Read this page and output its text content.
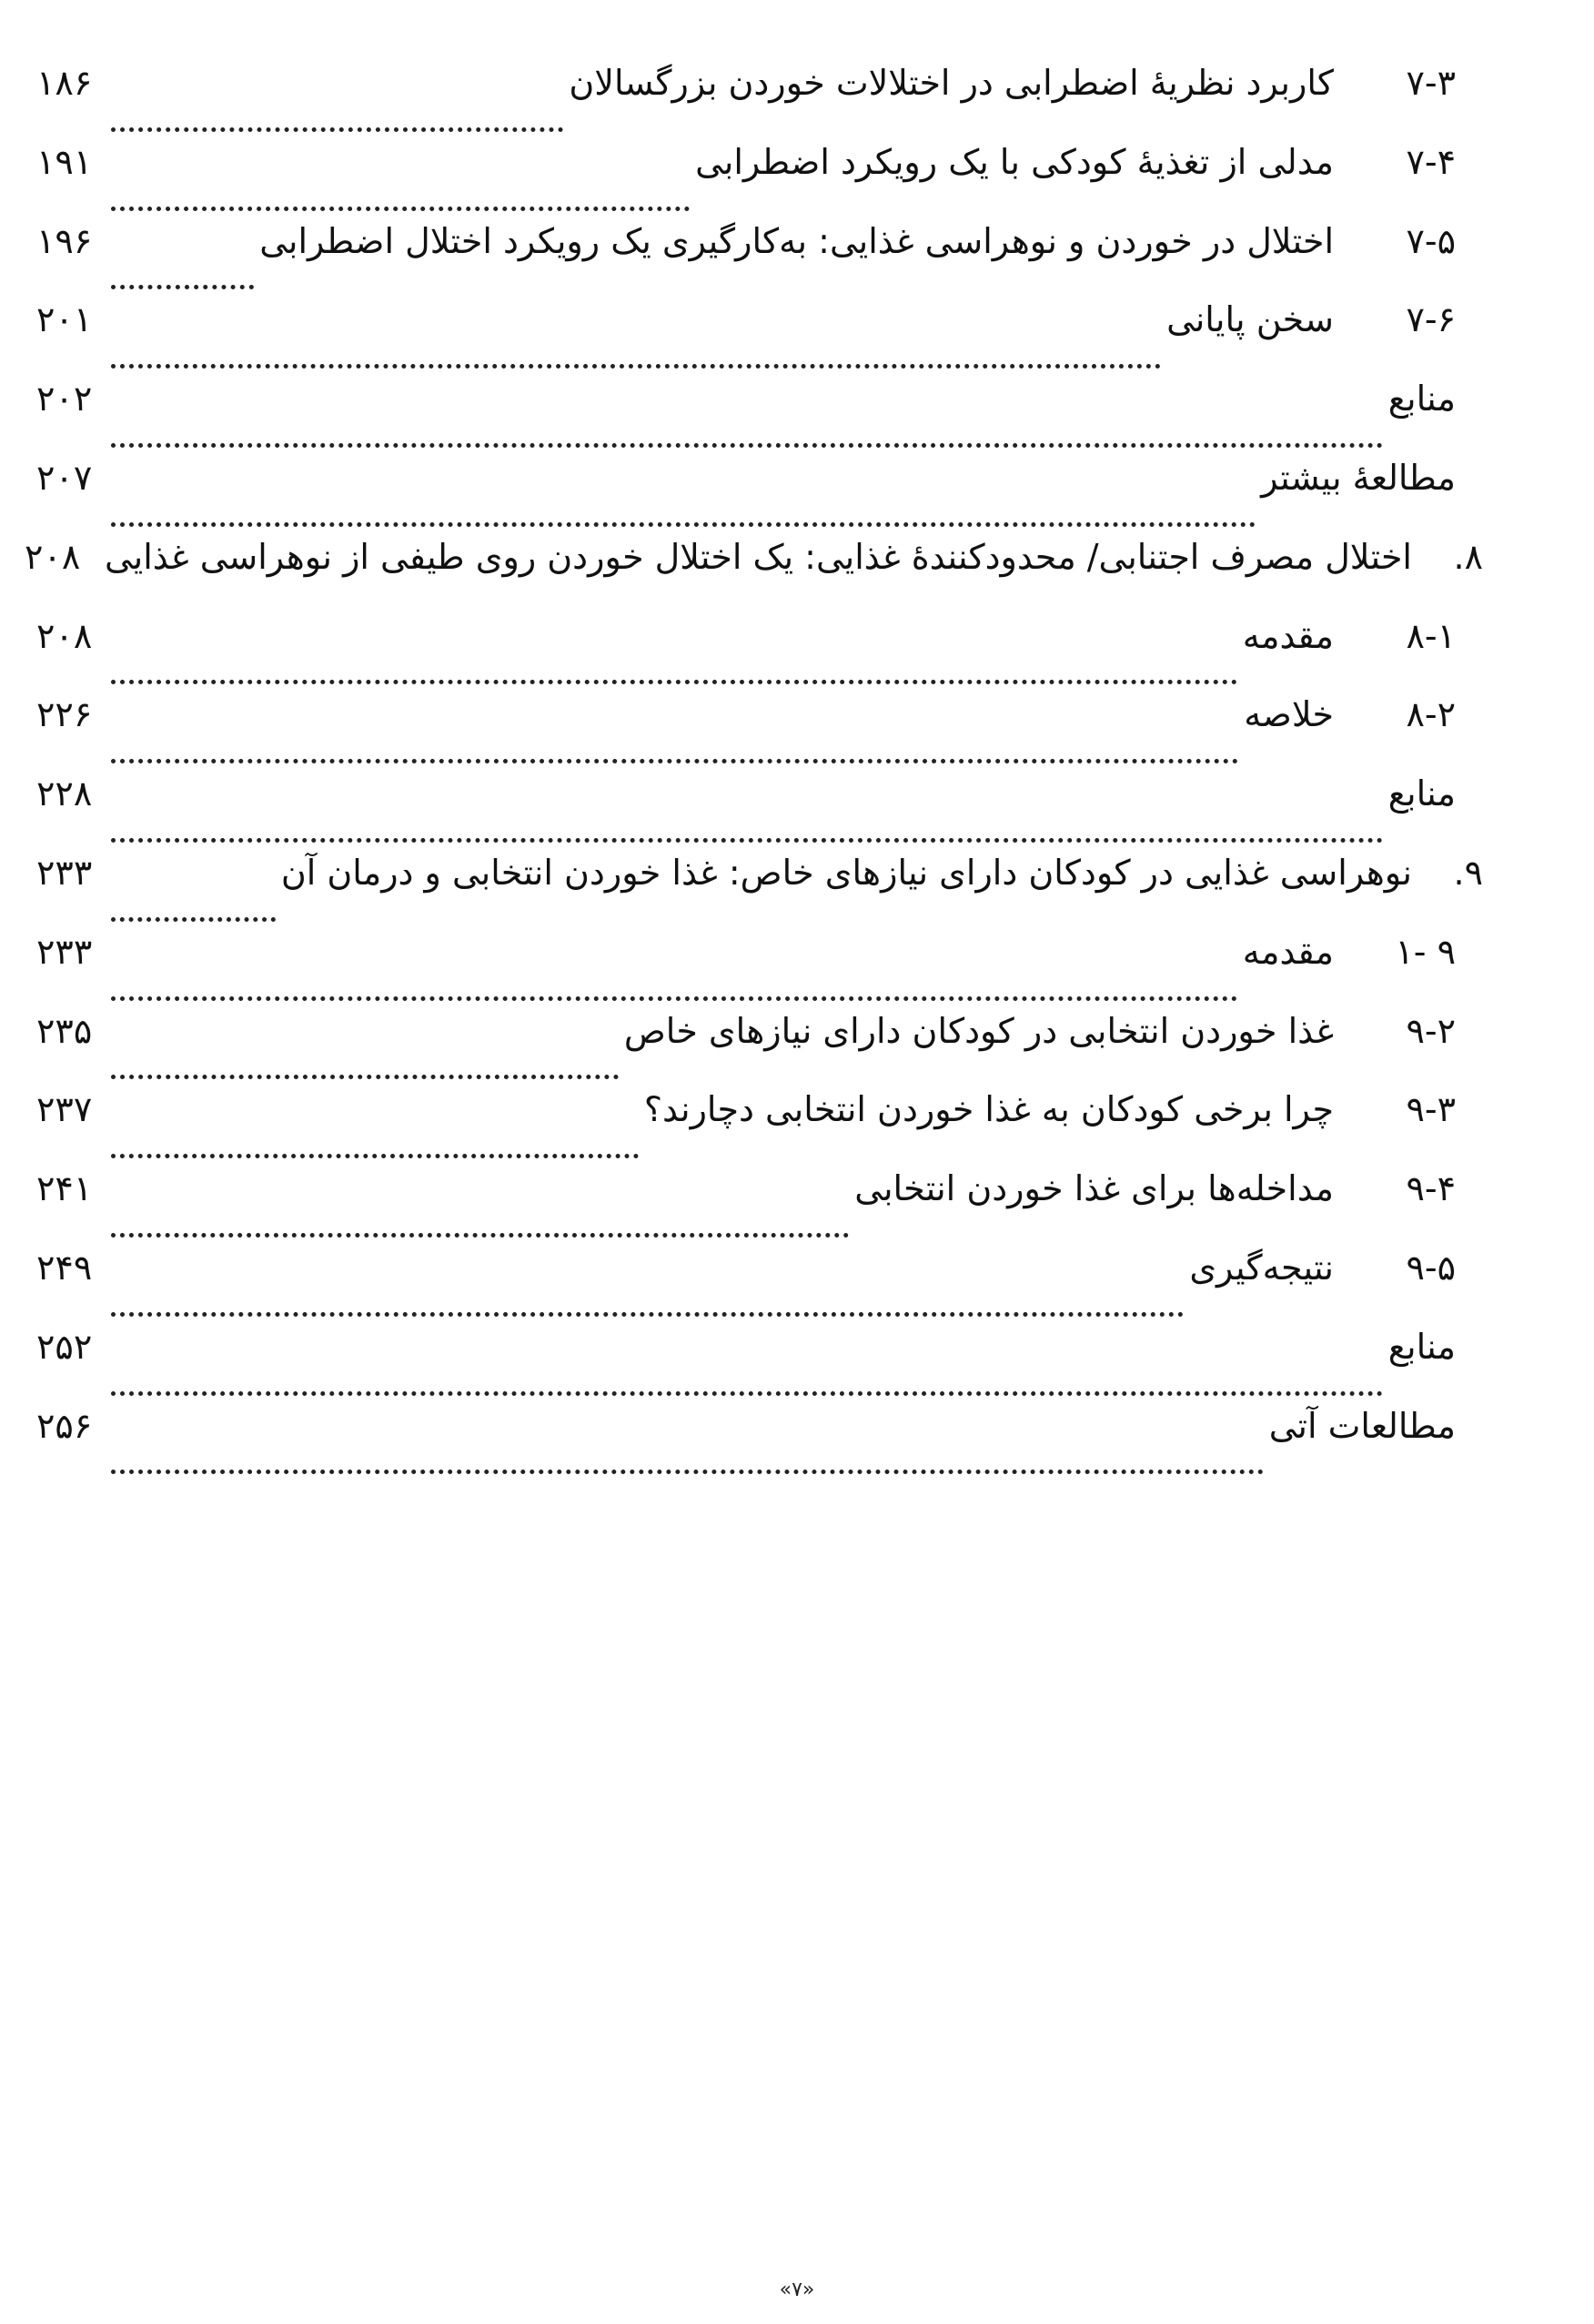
۷-۳
کاربرد نظریهٔ اضطرابی در اختلالات خوردن بزرگسالان
۱۸۶
۷-۴
مدلی از تغذیهٔ کودکی با یک رویکرد اضطرابی
۱۹۱
۷-۵
اختلال در خوردن و نوهراسی غذایی: به‌کارگیری یک رویکرد اختلال اضطرابی
۱۹۶
۷-۶
سخن پایانی
۲۰۱
منابع
۲۰۲
مطالعهٔ بیشتر
۲۰۷
۸.
اختلال مصرف اجتنابی/ محدودکنندهٔ غذایی: یک اختلال خوردن روی طیفی از نوهراسی غذایی
۲۰۸
۸-۱
مقدمه
۲۰۸
۸-۲
خلاصه
۲۲۶
منابع
۲۲۸
۹.
نوهراسی غذایی در کودکان دارای نیازهای خاص: غذا خوردن انتخابی و درمان آن
۲۳۳
۹ -۱
مقدمه
۲۳۳
۹-۲
غذا خوردن انتخابی در کودکان دارای نیازهای خاص
۲۳۵
۹-۳
چرا برخی کودکان به غذا خوردن انتخابی دچارند؟
۲۳۷
۹-۴
مداخله‌ها برای غذا خوردن انتخابی
۲۴۱
۹-۵
نتیجه‌گیری
۲۴۹
منابع
۲۵۲
مطالعات آتی
۲۵۶
«۷»
